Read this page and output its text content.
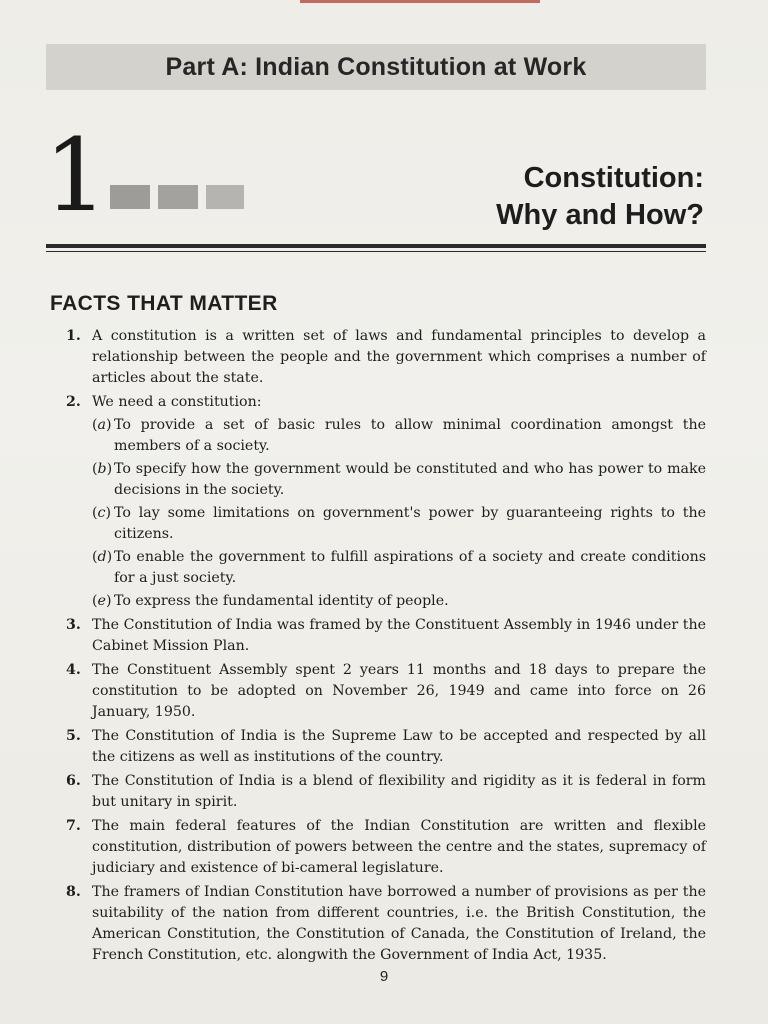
Part A: Indian Constitution at Work
1	Constitution:
Why and How?
FACTS THAT MATTER
1. A constitution is a written set of laws and fundamental principles to develop a relationship between the people and the government which comprises a number of articles about the state.
2. We need a constitution:
(a) To provide a set of basic rules to allow minimal coordination amongst the members of a society.
(b) To specify how the government would be constituted and who has power to make decisions in the society.
(c) To lay some limitations on government's power by guaranteeing rights to the citizens.
(d) To enable the government to fulfill aspirations of a society and create conditions for a just society.
(e) To express the fundamental identity of people.
3. The Constitution of India was framed by the Constituent Assembly in 1946 under the Cabinet Mission Plan.
4. The Constituent Assembly spent 2 years 11 months and 18 days to prepare the constitution to be adopted on November 26, 1949 and came into force on 26 January, 1950.
5. The Constitution of India is the Supreme Law to be accepted and respected by all the citizens as well as institutions of the country.
6. The Constitution of India is a blend of flexibility and rigidity as it is federal in form but unitary in spirit.
7. The main federal features of the Indian Constitution are written and flexible constitution, distribution of powers between the centre and the states, supremacy of judiciary and existence of bi-cameral legislature.
8. The framers of Indian Constitution have borrowed a number of provisions as per the suitability of the nation from different countries, i.e. the British Constitution, the American Constitution, the Constitution of Canada, the Constitution of Ireland, the French Constitution, etc. alongwith the Government of India Act, 1935.
9
